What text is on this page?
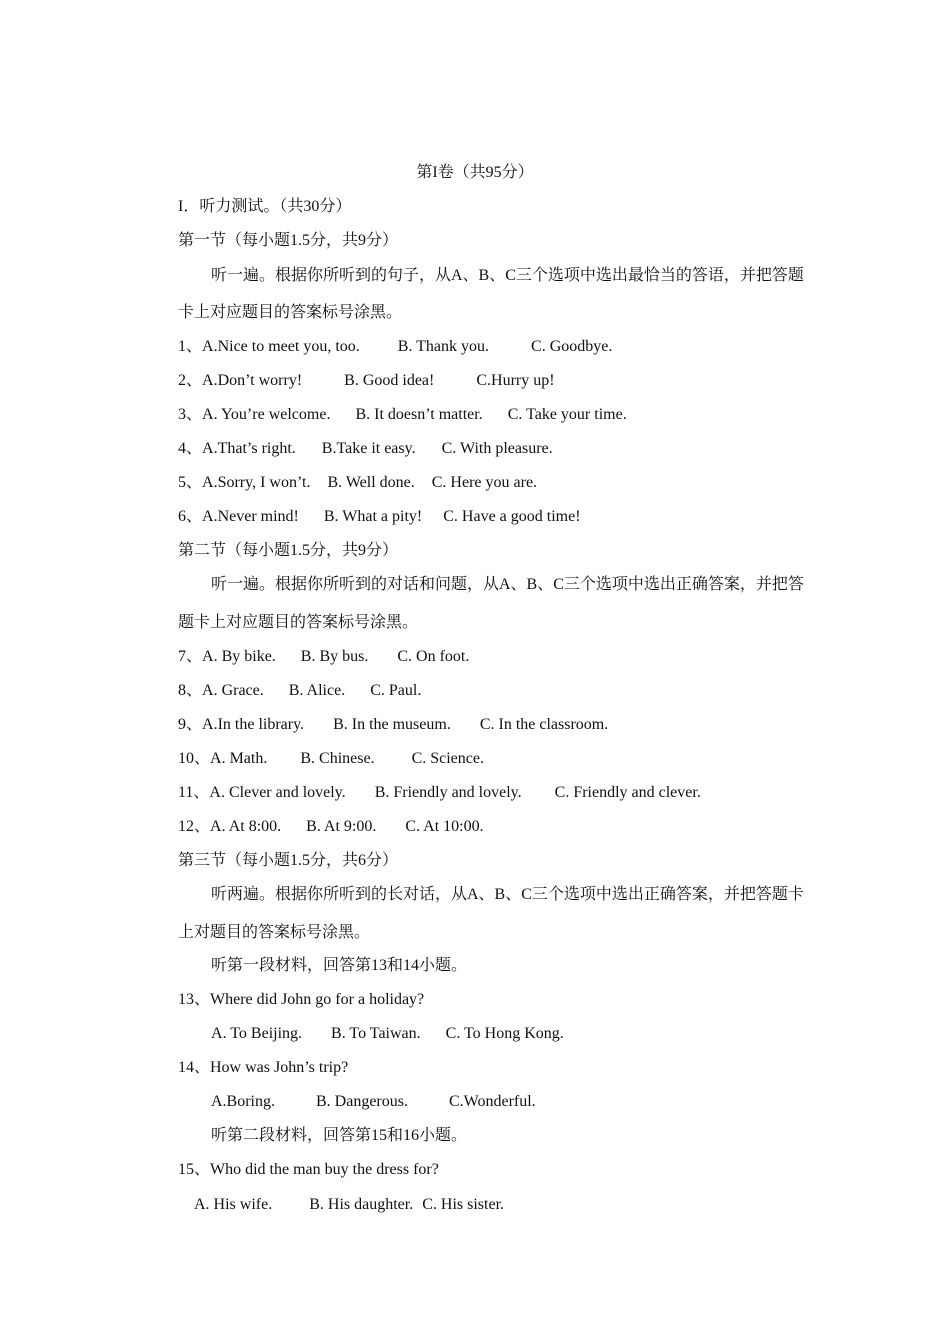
第I卷（共95分）
I．听力测试。（共30分）
第一节（每小题1.5分，共9分）
听一遍。根据你所听到的句子，从A、B、C三个选项中选出最恰当的答语，并把答题
卡上对应题目的答案标号涂黑。
1、A.Nice to meet you, too. B. Thank you.	C. Goodbye.
2、A.Don’t worry!	B. Good idea!	C.Hurry up!
3、A. You’re welcome. B. It doesn’t matter. C. Take your time.
4、A.That’s right. B.Take it easy. C. With pleasure.
5、A.Sorry, I won’t. B. Well done. C. Here you are.
6、A.Never mind! B. What a pity! C. Have a good time!
第二节（每小题1.5分，共9分）
听一遍。根据你所听到的对话和问题，从A、B、C三个选项中选出正确答案，并把答
题卡上对应题目的答案标号涂黑。
7、A. By bike. B. By bus. C. On foot.
8、A. Grace. B. Alice. C. Paul.
9、A.In the library. B. In the museum. C. In the classroom.
10、A. Math. B. Chinese. C. Science.
11、A. Clever and lovely. B. Friendly and lovely. C. Friendly and clever.
12、A. At 8:00. B. At 9:00. C. At 10:00.
第三节（每小题1.5分，共6分）
听两遍。根据你所听到的长对话，从A、B、C三个选项中选出正确答案，并把答题卡
上对题目的答案标号涂黑。
听第一段材料，回答第13和14小题。
13、Where did John go for a holiday?
A. To Beijing. B. To Taiwan. C. To Hong Kong.
14、How was John’s trip?
A.Boring.	B. Dangerous.	C.Wonderful.
听第二段材料，回答第15和16小题。
15、Who did the man buy the dress for?
A. His wife. B. His daughter. C. His sister.
